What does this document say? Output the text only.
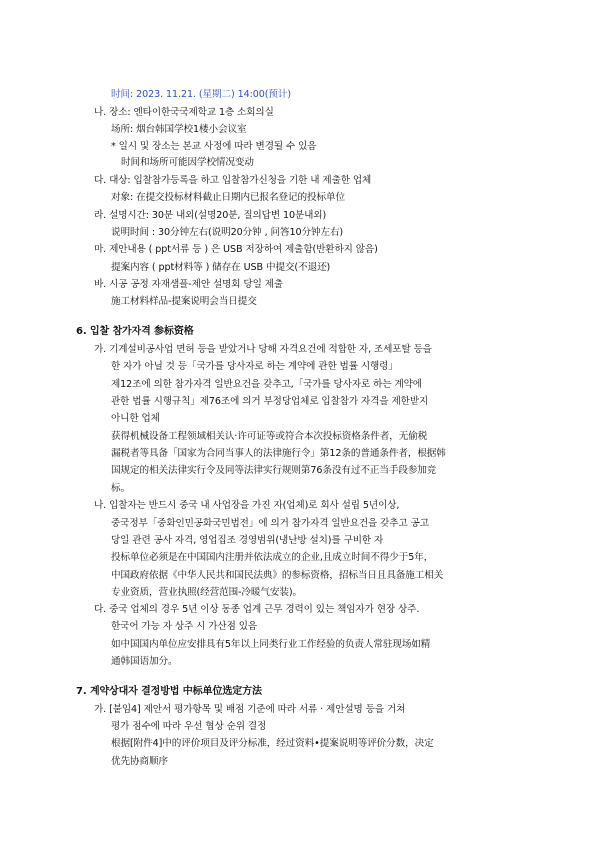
时间: 2023. 11.21. (星期二) 14:00(预计)
나. 장소: 엔타이한국국제학교 1층 소회의실
场所: 烟台韩国学校1楼小会议室
* 일시 및 장소는 본교 사정에 따라 변경될 수 있음
时间和场所可能因学校情况变动
다. 대상: 입찰참가등록을 하고 입찰참가신청을 기한 내 제출한 업체
对象: 在提交投标材料截止日期内已报名登记的投标单位
라. 설명시간: 30분 내외(설명20분, 질의답변 10분내외)
说明时间 : 30分钟左右(说明20分钟 , 问答10分钟左右)
마. 제안내용 ( ppt서류 등 ) 은 USB 저장하여 제출함(반환하지 않음)
提案内容 ( ppt材料等 ) 储存在 USB 中提交(不退还)
바. 시공 공정 자재샘플-제안 설명회 당일 제출
施工材料样品-提案说明会当日提交
6. 입찰 참가자격 参标资格
가. 기계설비공사업 면허 등을 받았거나 당해 자격요건에 적합한 자, 조세포탈 등을
한 자가 아닐 것 등「국가를 당사자로 하는 계약에 관한 법률 시행령」
제12조에 의한 참가자격 일반요건을 갖추고,「국가를 당사자로 하는 계약에
관한 법률 시행규칙」제76조에 의거 부정당업체로 입찰참가 자격을 제한받지
아니한 업체
获得机械设备工程领域相关认·许可证等或符合本次投标资格条件者，无偷税
漏税者等具备「国家为合同当事人的法律施行令」第12条的普通条件者，根据韩
国规定的相关法律实行令及同等法律实行规则第76条没有过不正当手段参加竞
标。
나. 입찰자는 반드시 중국 내 사업장을 가진 자(업체)로 회사 설립 5년이상,
중국정부「중화인민공화국민법전」에 의거 참가자격 일반요건을 갖추고 공고
당일 관련 공사 자격, 영업집조 경영범위(냉난방 설치)를 구비한 자
投标单位必须是在中国国内注册并依法成立的企业,且成立时间不得少于5年，
中国政府依据《中华人民共和国民法典》的参标资格，招标当日且具备施工相关
专业资质，营业执照(经营范围-冷暖气安装)。
다. 중국 업체의 경우 5년 이상 동종 업계 근무 경력이 있는 책임자가 현장 상주.
한국어 가능 자 상주 시 가산점 있음
如中国国内单位应安排具有5年以上同类行业工作经验的负责人常驻现场如精
通韩国语加分。
7. 계약상대자 결정방법 中标单位选定方法
가. [붙임4] 제안서 평가항목 및 배점 기준에 따라 서류 · 제안설명 등을 거쳐
평가 점수에 따라 우선 협상 순위 결정
根据[附件4]中的评价项目及评分标准，经过资料•提案说明等评价分数，决定
优先协商顺序
